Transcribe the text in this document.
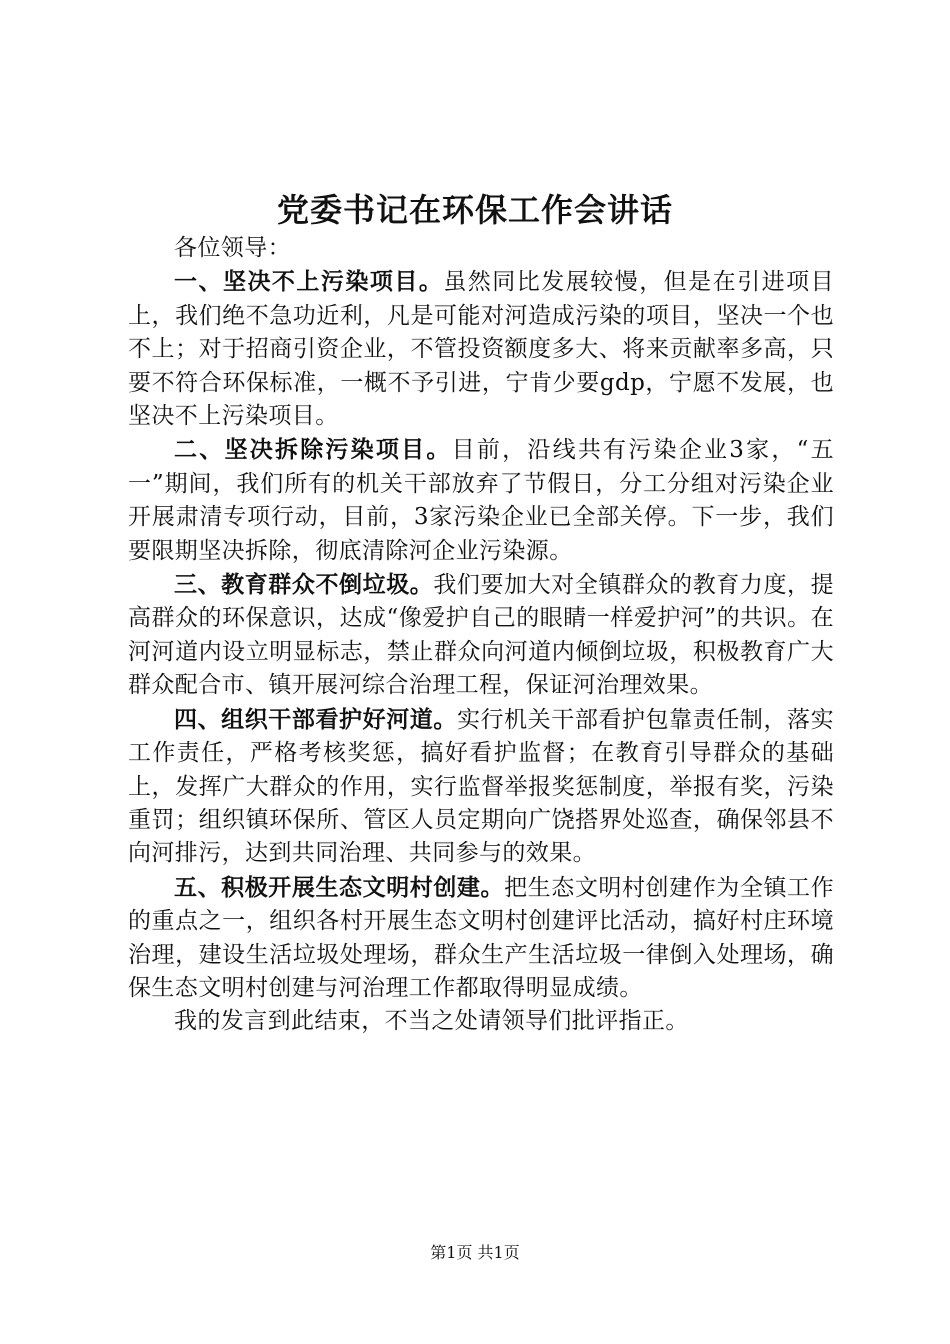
党委书记在环保工作会讲话

各位领导：

一、坚决不上污染项目。虽然同比发展较慢，但是在引进项目上，我们绝不急功近利，凡是可能对河造成污染的项目，坚决一个也不上；对于招商引资企业，不管投资额度多大、将来贡献率多高，只要不符合环保标准，一概不予引进，宁肯少要gdp，宁愿不发展，也坚决不上污染项目。

二、坚决拆除污染项目。目前，沿线共有污染企业3家，“五一”期间，我们所有的机关干部放弃了节假日，分工分组对污染企业开展肃清专项行动，目前，3家污染企业已全部关停。下一步，我们要限期坚决拆除，彻底清除河企业污染源。

三、教育群众不倒垃圾。我们要加大对全镇群众的教育力度，提高群众的环保意识，达成“像爱护自己的眼睛一样爱护河”的共识。在河河道内设立明显标志，禁止群众向河道内倾倒垃圾，积极教育广大群众配合市、镇开展河综合治理工程，保证河治理效果。

四、组织干部看护好河道。实行机关干部看护包靠责任制，落实工作责任，严格考核奖惩，搞好看护监督；在教育引导群众的基础上，发挥广大群众的作用，实行监督举报奖惩制度，举报有奖，污染重罚；组织镇环保所、管区人员定期向广饶搭界处巡查，确保邻县不向河排污，达到共同治理、共同参与的效果。

五、积极开展生态文明村创建。把生态文明村创建作为全镇工作的重点之一，组织各村开展生态文明村创建评比活动，搞好村庄环境治理，建设生活垃圾处理场，群众生产生活垃圾一律倒入处理场，确保生态文明村创建与河治理工作都取得明显成绩。

我的发言到此结束，不当之处请领导们批评指正。

第1页 共1页
